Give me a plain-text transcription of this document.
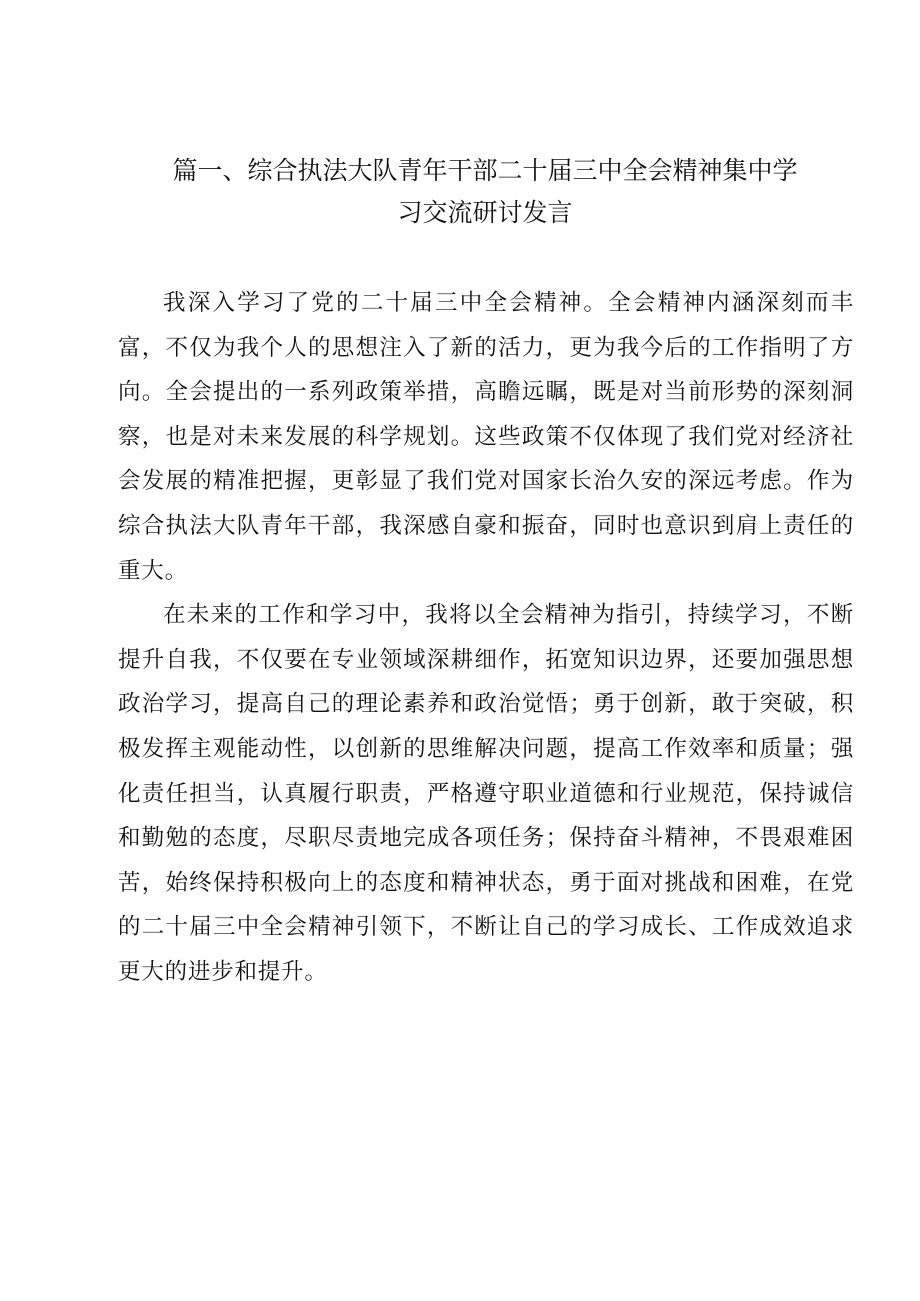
篇一、综合执法大队青年干部二十届三中全会精神集中学
习交流研讨发言

我深入学习了党的二十届三中全会精神。全会精神内涵深刻而丰富，不仅为我个人的思想注入了新的活力，更为我今后的工作指明了方向。全会提出的一系列政策举措，高瞻远瞩，既是对当前形势的深刻洞察，也是对未来发展的科学规划。这些政策不仅体现了我们党对经济社会发展的精准把握，更彰显了我们党对国家长治久安的深远考虑。作为综合执法大队青年干部，我深感自豪和振奋，同时也意识到肩上责任的重大。

在未来的工作和学习中，我将以全会精神为指引，持续学习，不断提升自我，不仅要在专业领域深耕细作，拓宽知识边界，还要加强思想政治学习，提高自己的理论素养和政治觉悟；勇于创新，敢于突破，积极发挥主观能动性，以创新的思维解决问题，提高工作效率和质量；强化责任担当，认真履行职责，严格遵守职业道德和行业规范，保持诚信和勤勉的态度，尽职尽责地完成各项任务；保持奋斗精神，不畏艰难困苦，始终保持积极向上的态度和精神状态，勇于面对挑战和困难，在党的二十届三中全会精神引领下，不断让自己的学习成长、工作成效追求更大的进步和提升。
